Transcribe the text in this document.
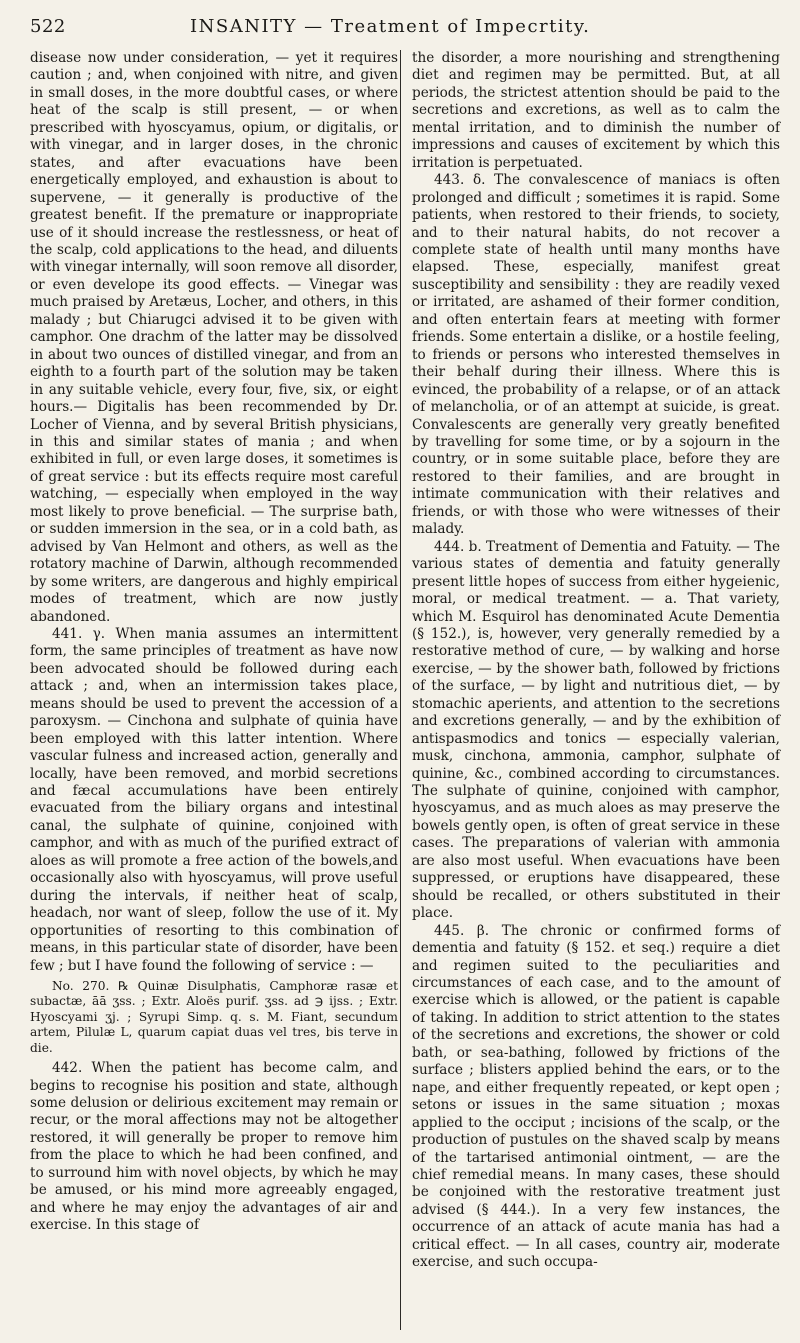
522	INSANITY — Treatment of Impecrtity.

disease now under consideration, — yet it requires caution ; and, when conjoined with nitre, and given in small doses, in the more doubtful cases, or where heat of the scalp is still present, — or when prescribed with hyoscyamus, opium, or digitalis, or with vinegar, and in larger doses, in the chronic states, and after evacuations have been energetically employed, and exhaustion is about to supervene, — it generally is productive of the greatest benefit. If the premature or inappropriate use of it should increase the restlessness, or heat of the scalp, cold applications to the head, and diluents with vinegar internally, will soon remove all disorder, or even develope its good effects. — Vinegar was much praised by Aretæus, Locher, and others, in this malady ; but Chiarugci advised it to be given with camphor. One drachm of the latter may be dissolved in about two ounces of distilled vinegar, and from an eighth to a fourth part of the solution may be taken in any suitable vehicle, every four, five, six, or eight hours.— Digitalis has been recommended by Dr. Locher of Vienna, and by several British physicians, in this and similar states of mania ; and when exhibited in full, or even large doses, it sometimes is of great service : but its effects require most careful watching, — especially when employed in the way most likely to prove beneficial. — The surprise bath, or sudden immersion in the sea, or in a cold bath, as advised by Van Helmont and others, as well as the rotatory machine of Darwin, although recommended by some writers, are dangerous and highly empirical modes of treatment, which are now justly abandoned.

441. γ. When mania assumes an intermittent form, the same principles of treatment as have now been advocated should be followed during each attack ; and, when an intermission takes place, means should be used to prevent the accession of a paroxysm. — Cinchona and sulphate of quinia have been employed with this latter intention. Where vascular fulness and increased action, generally and locally, have been removed, and morbid secretions and fæcal accumulations have been entirely evacuated from the biliary organs and intestinal canal, the sulphate of quinine, conjoined with camphor, and with as much of the purified extract of aloes as will promote a free action of the bowels,and occasionally also with hyoscyamus, will prove useful during the intervals, if neither heat of scalp, headach, nor want of sleep, follow the use of it. My opportunities of resorting to this combination of means, in this particular state of disorder, have been few ; but I have found the following of service : —

No. 270. ℞ Quinæ Disulphatis, Camphoræ rasæ et subactæ, āā ʒss. ; Extr. Aloës purif. ʒss. ad ℈ ijss. ; Extr. Hyoscyami ʒj. ; Syrupi Simp. q. s. M. Fiant, secundum artem, Pilulæ L, quarum capiat duas vel tres, bis terve in die.

442. When the patient has become calm, and begins to recognise his position and state, although some delusion or delirious excitement may remain or recur, or the moral affections may not be altogether restored, it will generally be proper to remove him from the place to which he had been confined, and to surround him with novel objects, by which he may be amused, or his mind more agreeably engaged, and where he may enjoy the advantages of air and exercise. In this stage of

the disorder, a more nourishing and strengthening diet and regimen may be permitted. But, at all periods, the strictest attention should be paid to the secretions and excretions, as well as to calm the mental irritation, and to diminish the number of impressions and causes of excitement by which this irritation is perpetuated.

443. δ. The convalescence of maniacs is often prolonged and difficult ; sometimes it is rapid. Some patients, when restored to their friends, to society, and to their natural habits, do not recover a complete state of health until many months have elapsed. These, especially, manifest great susceptibility and sensibility : they are readily vexed or irritated, are ashamed of their former condition, and often entertain fears at meeting with former friends. Some entertain a dislike, or a hostile feeling, to friends or persons who interested themselves in their behalf during their illness. Where this is evinced, the probability of a relapse, or of an attack of melancholia, or of an attempt at suicide, is great. Convalescents are generally very greatly benefited by travelling for some time, or by a sojourn in the country, or in some suitable place, before they are restored to their families, and are brought in intimate communication with their relatives and friends, or with those who were witnesses of their malady.

444. b. Treatment of Dementia and Fatuity. — The various states of dementia and fatuity generally present little hopes of success from either hygeienic, moral, or medical treatment. — a. That variety, which M. Esquirol has denominated Acute Dementia (§ 152.), is, however, very generally remedied by a restorative method of cure, — by walking and horse exercise, — by the shower bath, followed by frictions of the surface, — by light and nutritious diet, — by stomachic aperients, and attention to the secretions and excretions generally, — and by the exhibition of antispasmodics and tonics — especially valerian, musk, cinchona, ammonia, camphor, sulphate of quinine, &c., combined according to circumstances. The sulphate of quinine, conjoined with camphor, hyoscyamus, and as much aloes as may preserve the bowels gently open, is often of great service in these cases. The preparations of valerian with ammonia are also most useful. When evacuations have been suppressed, or eruptions have disappeared, these should be recalled, or others substituted in their place.

445. β. The chronic or confirmed forms of dementia and fatuity (§ 152. et seq.) require a diet and regimen suited to the peculiarities and circumstances of each case, and to the amount of exercise which is allowed, or the patient is capable of taking. In addition to strict attention to the states of the secretions and excretions, the shower or cold bath, or sea-bathing, followed by frictions of the surface ; blisters applied behind the ears, or to the nape, and either frequently repeated, or kept open ; setons or issues in the same situation ; moxas applied to the occiput ; incisions of the scalp, or the production of pustules on the shaved scalp by means of the tartarised antimonial ointment, — are the chief remedial means. In many cases, these should be conjoined with the restorative treatment just advised (§ 444.). In a very few instances, the occurrence of an attack of acute mania has had a critical effect. — In all cases, country air, moderate exercise, and such occupa-
